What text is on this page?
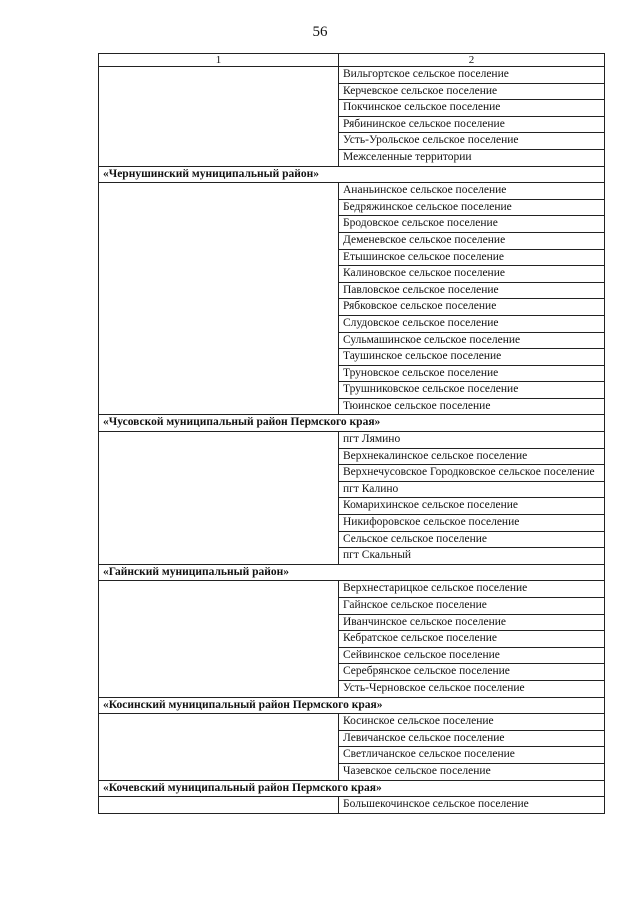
56
1	2
	Вильгортское сельское поселение
	Керчевское сельское поселение
	Покчинское сельское поселение
	Рябининское сельское поселение
	Усть-Урольское сельское поселение
	Межселенные территории
«Чернушинский муниципальный район»	
	Ананьинское сельское поселение
	Бедряжинское сельское поселение
	Бродовское сельское поселение
	Деменевское сельское поселение
	Етышинское сельское поселение
	Калиновское сельское поселение
	Павловское сельское поселение
	Рябковское сельское поселение
	Слудовское сельское поселение
	Сульмашинское сельское поселение
	Таушинское сельское поселение
	Труновское сельское поселение
	Трушниковское сельское поселение
	Тюинское сельское поселение
«Чусовской муниципальный район Пермского края»	
	пгт Лямино
	Верхнекалинское сельское поселение
	Верхнечусовское Городковское сельское поселение
	пгт Калино
	Комарихинское сельское поселение
	Никифоровское сельское поселение
	Сельское сельское поселение
	пгт Скальный
«Гайнский муниципальный район»	
	Верхнестарицкое сельское поселение
	Гайнское сельское поселение
	Иванчинское сельское поселение
	Кебратское сельское поселение
	Сейвинское сельское поселение
	Серебрянское сельское поселение
	Усть-Черновское сельское поселение
«Косинский муниципальный район Пермского края»	
	Косинское сельское поселение
	Левичанское сельское поселение
	Светличанское сельское поселение
	Чазевское сельское поселение
«Кочевский муниципальный район Пермского края»	
	Большекочинское сельское поселение
